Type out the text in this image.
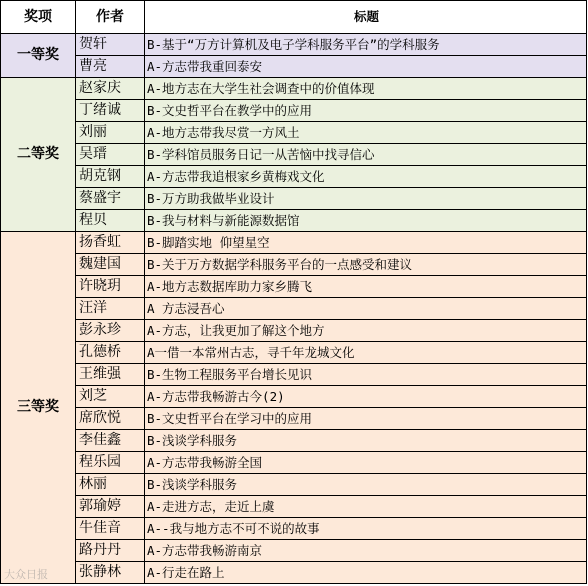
奖项	作者	标题
一等奖	贺轩	B-基于“万方计算机及电子学科服务平台”的学科服务
	曹亮	A-方志带我重回泰安
二等奖	赵家庆	A-地方志在大学生社会调查中的价值体现
	丁绪诚	B-文史哲平台在教学中的应用
	刘丽	A-地方志带我尽赏一方风土
	吴瑨	B-学科馆员服务日记一从苦恼中找寻信心
	胡克钢	A-方志带我追根家乡黄梅戏文化
	蔡盛宇	B-万方助我做毕业设计
	程贝	B-我与材料与新能源数据馆
三等奖	扬香虹	B-脚踏实地 仰望星空
	魏建国	B-关于万方数据学科服务平台的一点感受和建议
	许晓玥	A-地方志数据库助力家乡腾飞
	汪洋	A 方志浸吾心
	彭永珍	A-方志，让我更加了解这个地方
	孔德桥	A一借一本常州古志，寻千年龙城文化
	王维强	B-生物工程服务平台增长见识
	刘芝	A-方志带我畅游古今(2)
	席欣悦	B-文史哲平台在学习中的应用
	李佳鑫	B-浅谈学科服务
	程乐园	A-方志带我畅游全国
	林丽	B-浅谈学科服务
	郭瑜婷	A-走进方志，走近上虞
	牛佳音	A--我与地方志不可不说的故事
	路丹丹	A-方志带我畅游南京
	张静林	A-行走在路上
大众日报
